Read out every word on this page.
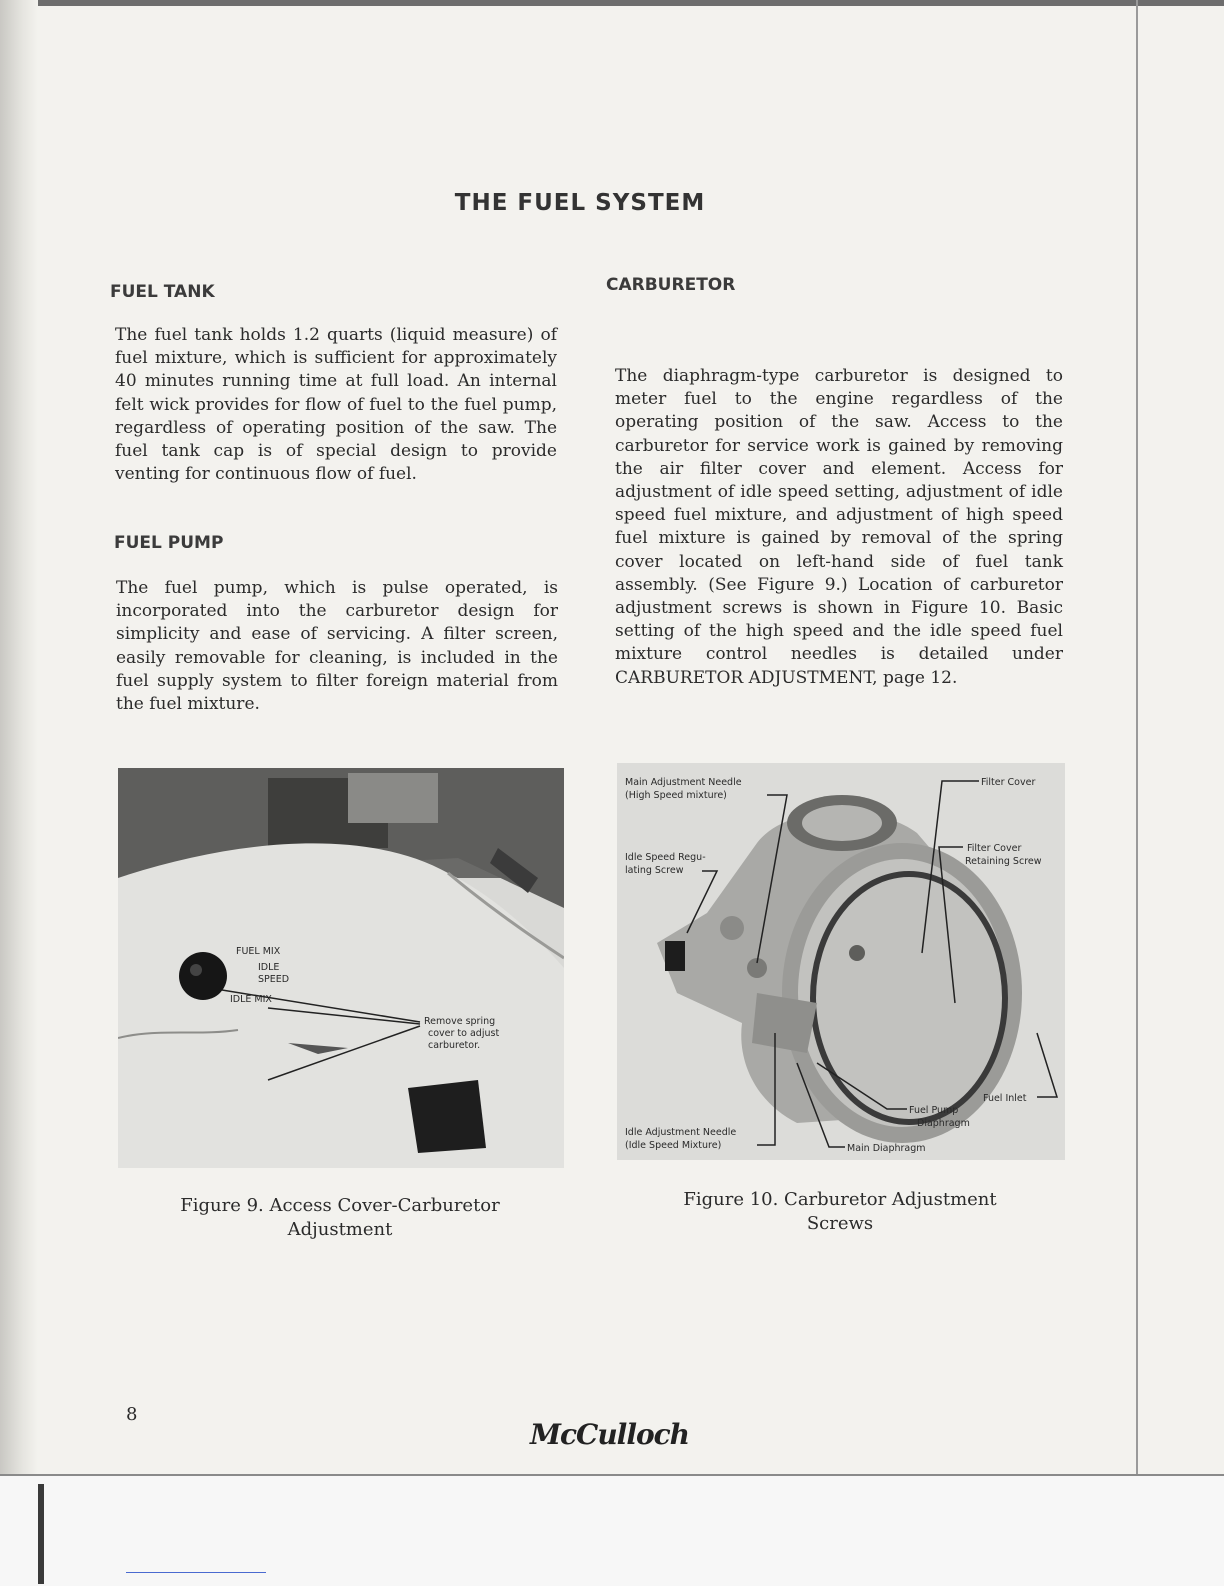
THE FUEL SYSTEM
FUEL TANK

The fuel tank holds 1.2 quarts (liquid measure) of fuel mixture, which is sufficient for approximately 40 minutes running time at full load. An internal felt wick provides for flow of fuel to the fuel pump, regardless of operating position of the saw. The fuel tank cap is of special design to provide venting for continuous flow of fuel.

FUEL PUMP

The fuel pump, which is pulse operated, is incorporated into the carburetor design for simplicity and ease of servicing. A filter screen, easily removable for cleaning, is included in the fuel supply system to filter foreign material from the fuel mixture.

CARBURETOR

The diaphragm-type carburetor is designed to meter fuel to the engine regardless of the operating position of the saw. Access to the carburetor for service work is gained by removing the air filter cover and element. Access for adjustment of idle speed setting, adjustment of idle speed fuel mixture, and adjustment of high speed fuel mixture is gained by removal of the spring cover located on left-hand side of fuel tank assembly. (See Figure 9.) Location of carburetor adjustment screws is shown in Figure 10. Basic setting of the high speed and the idle speed fuel mixture control needles is detailed under CARBURETOR ADJUSTMENT, page 12.

FUEL MIX
IDLE
SPEED
IDLE MIX
Remove spring
cover to adjust
carburetor.
Main Adjustment Needle
(High Speed mixture)
Filter Cover
Filter Cover
Retaining Screw
Idle Speed Regu-
lating Screw
Fuel Inlet
Fuel Pump
Diaphragm
Idle Adjustment Needle
(Idle Speed Mixture)	Main Diaphragm
Figure 9. Access Cover-Carburetor
Adjustment
Figure 10. Carburetor Adjustment
Screws
8
McCulloch
